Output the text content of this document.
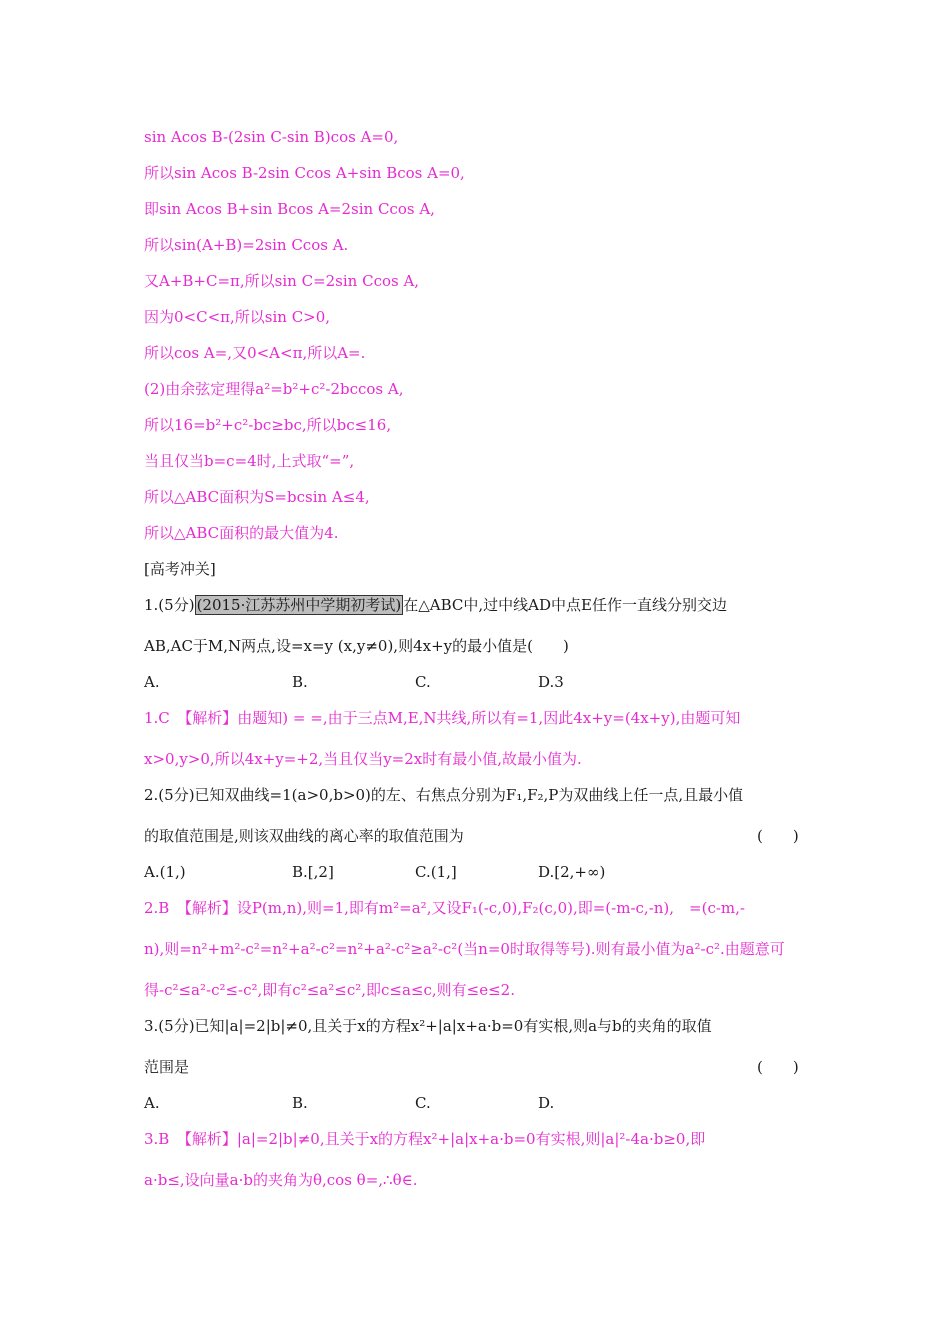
sin Acos B-(2sin C-sin B)cos A=0,
所以sin Acos B-2sin Ccos A+sin Bcos A=0,
即sin Acos B+sin Bcos A=2sin Ccos A,
所以sin(A+B)=2sin Ccos A.
又A+B+C=π,所以sin C=2sin Ccos A,
因为0<C<π,所以sin C>0,
所以cos A=,又0<A<π,所以A=.
(2)由余弦定理得a²=b²+c²-2bccos A,
所以16=b²+c²-bc≥bc,所以bc≤16,
当且仅当b=c=4时,上式取“=”,
所以△ABC面积为S=bcsin A≤4,
所以△ABC面积的最大值为4.
[高考冲关]
1.(5分) (2015·江苏苏州中学期初考试) 在△ABC中,过中线AD中点E任作一直线分别交边
AB,AC于M,N两点,设=x=y (x,y≠0),则4x+y的最小值是(　　)
A.	B.	C.	D.3
1.C　【解析】由题知) = =,由于三点M,E,N共线,所以有=1,因此4x+y=(4x+y),由题可知
x>0,y>0,所以4x+y=+2,当且仅当y=2x时有最小值,故最小值为.
2.(5分)已知双曲线=1(a>0,b>0)的左、右焦点分别为F₁,F₂,P为双曲线上任一点,且最小值
的取值范围是,则该双曲线的离心率的取值范围为	(　　)
A.(1,)	B.[,2]	C.(1,]	D.[2,+∞)
2.B　【解析】设P(m,n),则=1,即有m²=a²,又设F₁(-c,0),F₂(c,0),即=(-m-c,-n),　=(c-m,-
n),则=n²+m²-c²=n²+a²-c²=n²+a²-c²≥a²-c²(当n=0时取得等号).则有最小值为a²-c².由题意可
得-c²≤a²-c²≤-c²,即有c²≤a²≤c²,即c≤a≤c,则有≤e≤2.
3.(5分)已知|a|=2|b|≠0,且关于x的方程x²+|a|x+a·b=0有实根,则a与b的夹角的取值
范围是	(　　)
A.	B.	C.	D.
3.B　【解析】|a|=2|b|≠0,且关于x的方程x²+|a|x+a·b=0有实根,则|a|²-4a·b≥0,即
a·b≤,设向量a·b的夹角为θ,cos θ=,∴θ∈.
